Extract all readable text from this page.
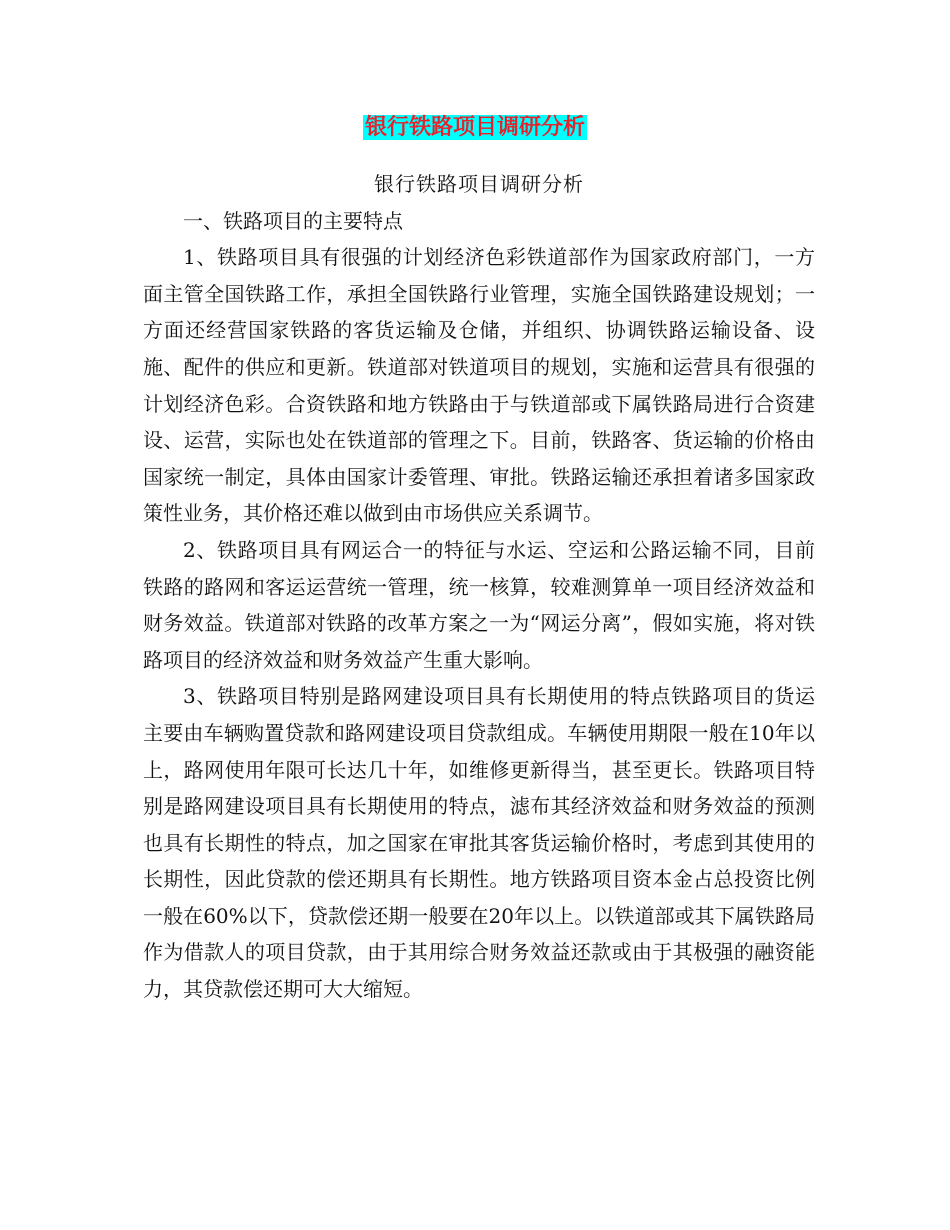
银行铁路项目调研分析

银行铁路项目调研分析

一、铁路项目的主要特点

1、铁路项目具有很强的计划经济色彩铁道部作为国家政府部门，一方面主管全国铁路工作，承担全国铁路行业管理，实施全国铁路建设规划；一方面还经营国家铁路的客货运输及仓储，并组织、协调铁路运输设备、设施、配件的供应和更新。铁道部对铁道项目的规划，实施和运营具有很强的计划经济色彩。合资铁路和地方铁路由于与铁道部或下属铁路局进行合资建设、运营，实际也处在铁道部的管理之下。目前，铁路客、货运输的价格由国家统一制定，具体由国家计委管理、审批。铁路运输还承担着诸多国家政策性业务，其价格还难以做到由市场供应关系调节。

2、铁路项目具有网运合一的特征与水运、空运和公路运输不同，目前铁路的路网和客运运营统一管理，统一核算，较难测算单一项目经济效益和财务效益。铁道部对铁路的改革方案之一为“网运分离”，假如实施，将对铁路项目的经济效益和财务效益产生重大影响。

3、铁路项目特别是路网建设项目具有长期使用的特点铁路项目的货运主要由车辆购置贷款和路网建设项目贷款组成。车辆使用期限一般在10年以上，路网使用年限可长达几十年，如维修更新得当，甚至更长。铁路项目特别是路网建设项目具有长期使用的特点，滤布其经济效益和财务效益的预测也具有长期性的特点，加之国家在审批其客货运输价格时，考虑到其使用的长期性，因此贷款的偿还期具有长期性。地方铁路项目资本金占总投资比例一般在60%以下，贷款偿还期一般要在20年以上。以铁道部或其下属铁路局作为借款人的项目贷款，由于其用综合财务效益还款或由于其极强的融资能力，其贷款偿还期可大大缩短。
